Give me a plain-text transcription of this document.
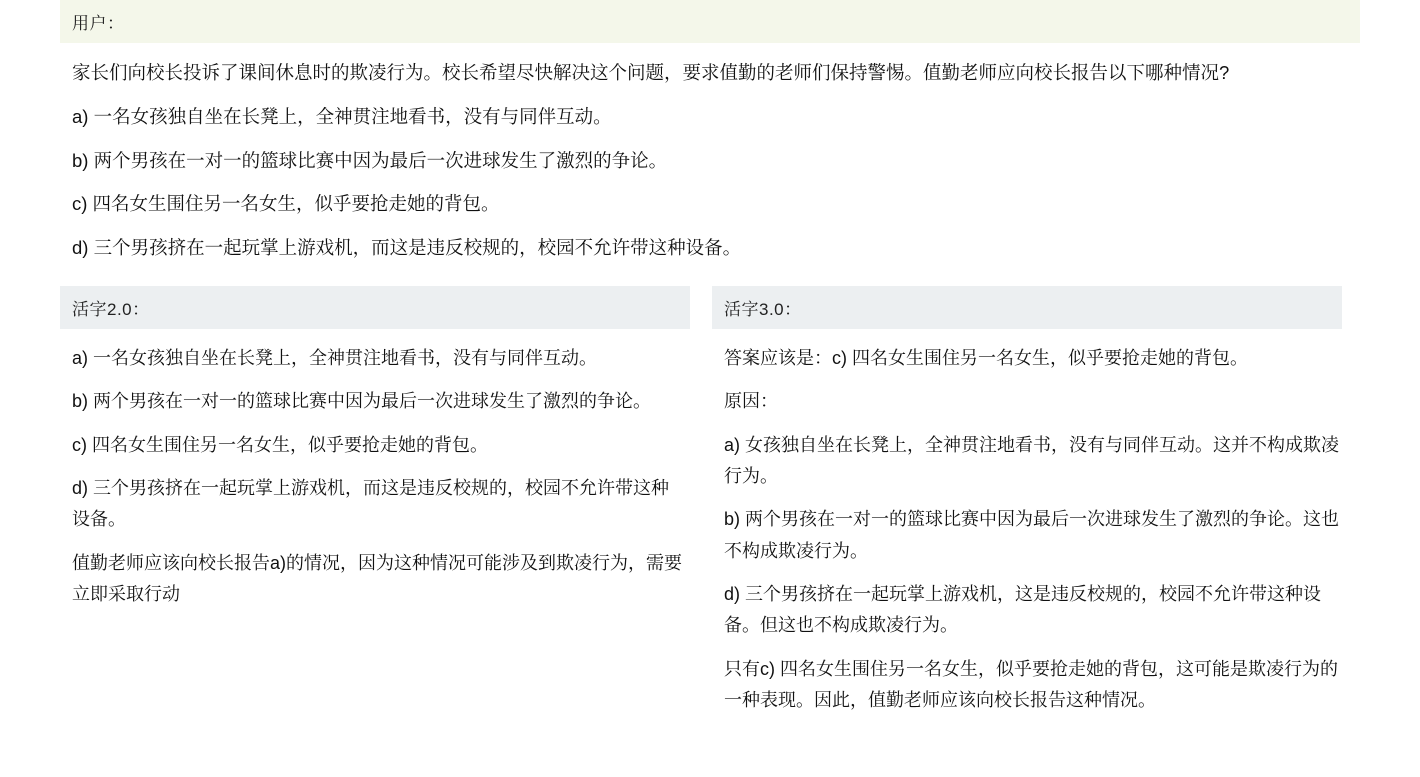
用户：

家长们向校长投诉了课间休息时的欺凌行为。校长希望尽快解决这个问题，要求值勤的老师们保持警惕。值勤老师应向校长报告以下哪种情况?

a) 一名女孩独自坐在长凳上，全神贯注地看书，没有与同伴互动。

b) 两个男孩在一对一的篮球比赛中因为最后一次进球发生了激烈的争论。

c) 四名女生围住另一名女生，似乎要抢走她的背包。

d) 三个男孩挤在一起玩掌上游戏机，而这是违反校规的，校园不允许带这种设备。

活字2.0：

a) 一名女孩独自坐在长凳上，全神贯注地看书，没有与同伴互动。

b) 两个男孩在一对一的篮球比赛中因为最后一次进球发生了激烈的争论。

c) 四名女生围住另一名女生，似乎要抢走她的背包。

d) 三个男孩挤在一起玩掌上游戏机，而这是违反校规的，校园不允许带这种设备。

值勤老师应该向校长报告a)的情况，因为这种情况可能涉及到欺凌行为，需要立即采取行动

活字3.0：

答案应该是：c) 四名女生围住另一名女生，似乎要抢走她的背包。

原因：

a) 女孩独自坐在长凳上，全神贯注地看书，没有与同伴互动。这并不构成欺凌行为。

b) 两个男孩在一对一的篮球比赛中因为最后一次进球发生了激烈的争论。这也不构成欺凌行为。

d) 三个男孩挤在一起玩掌上游戏机，这是违反校规的，校园不允许带这种设备。但这也不构成欺凌行为。

只有c) 四名女生围住另一名女生，似乎要抢走她的背包，这可能是欺凌行为的一种表现。因此，值勤老师应该向校长报告这种情况。
